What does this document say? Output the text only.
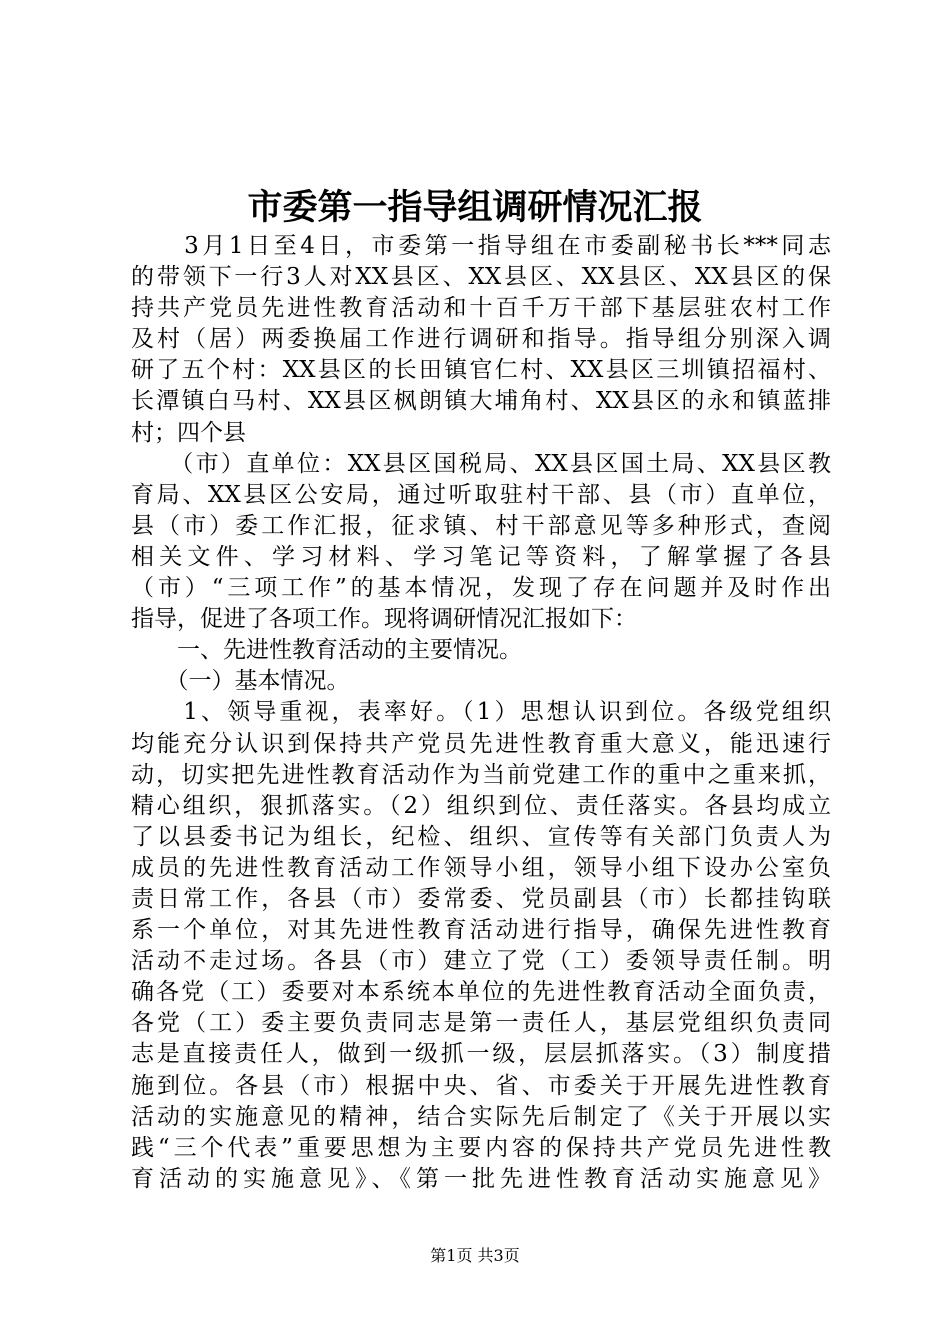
市委第一指导组调研情况汇报
　　3月1日至4日，市委第一指导组在市委副秘书长***同志
的带领下一行3人对XX县区、XX县区、XX县区、XX县区的保
持共产党员先进性教育活动和十百千万干部下基层驻农村工作
及村（居）两委换届工作进行调研和指导。指导组分别深入调
研了五个村：XX县区的长田镇官仁村、XX县区三圳镇招福村、
长潭镇白马村、XX县区枫朗镇大埔角村、XX县区的永和镇蓝排
村；四个县
　　（市）直单位：XX县区国税局、XX县区国土局、XX县区教
育局、XX县区公安局，通过听取驻村干部、县（市）直单位，
县（市）委工作汇报，征求镇、村干部意见等多种形式，查阅
相关文件、学习材料、学习笔记等资料，了解掌握了各县
（市）“三项工作”的基本情况，发现了存在问题并及时作出
指导，促进了各项工作。现将调研情况汇报如下：
　　一、先进性教育活动的主要情况。
　　（一）基本情况。
　　1、领导重视，表率好。（1）思想认识到位。各级党组织
均能充分认识到保持共产党员先进性教育重大意义，能迅速行
动，切实把先进性教育活动作为当前党建工作的重中之重来抓，
精心组织，狠抓落实。（2）组织到位、责任落实。各县均成立
了以县委书记为组长，纪检、组织、宣传等有关部门负责人为
成员的先进性教育活动工作领导小组，领导小组下设办公室负
责日常工作，各县（市）委常委、党员副县（市）长都挂钩联
系一个单位，对其先进性教育活动进行指导，确保先进性教育
活动不走过场。各县（市）建立了党（工）委领导责任制。明
确各党（工）委要对本系统本单位的先进性教育活动全面负责，
各党（工）委主要负责同志是第一责任人，基层党组织负责同
志是直接责任人，做到一级抓一级，层层抓落实。（3）制度措
施到位。各县（市）根据中央、省、市委关于开展先进性教育
活动的实施意见的精神，结合实际先后制定了《关于开展以实
践“三个代表”重要思想为主要内容的保持共产党员先进性教
育活动的实施意见》、《第一批先进性教育活动实施意见》
第1页 共3页
